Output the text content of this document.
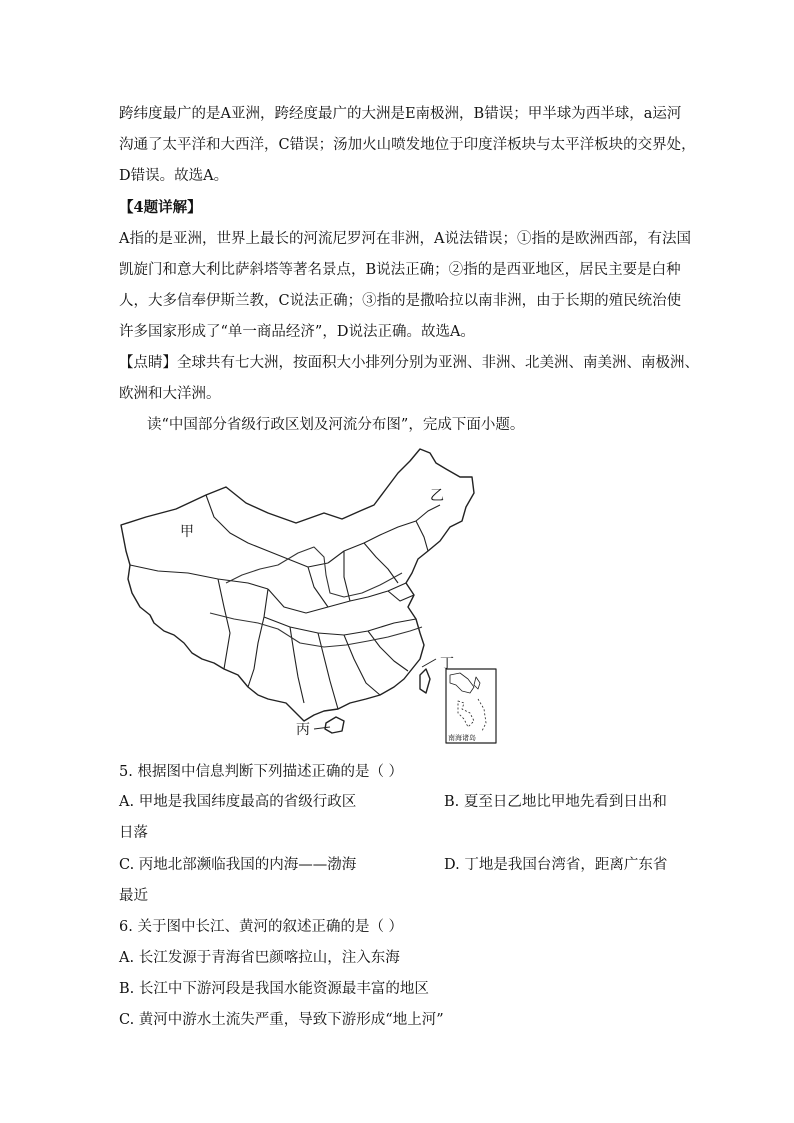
跨纬度最广的是A亚洲，跨经度最广的大洲是E南极洲，B错误；甲半球为西半球，a运河
沟通了太平洋和大西洋，C错误；汤加火山喷发地位于印度洋板块与太平洋板块的交界处，
D错误。故选A。
【4题详解】
A指的是亚洲，世界上最长的河流尼罗河在非洲，A说法错误；①指的是欧洲西部，有法国
凯旋门和意大利比萨斜塔等著名景点，B说法正确；②指的是西亚地区，居民主要是白种
人，大多信奉伊斯兰教，C说法正确；③指的是撒哈拉以南非洲，由于长期的殖民统治使
许多国家形成了“单一商品经济”，D说法正确。故选A。
【点睛】全球共有七大洲，按面积大小排列分别为亚洲、非洲、北美洲、南美洲、南极洲、
欧洲和大洋洲。
读“中国部分省级行政区划及河流分布图”，完成下面小题。
甲
乙
丙
丁
南海诸岛
5. 根据图中信息判断下列描述正确的是（ ）
A. 甲地是我国纬度最高的省级行政区	B. 夏至日乙地比甲地先看到日出和
日落
C. 丙地北部濒临我国的内海——渤海	D. 丁地是我国台湾省，距离广东省
最近
6. 关于图中长江、黄河的叙述正确的是（ ）
A. 长江发源于青海省巴颜喀拉山，注入东海
B. 长江中下游河段是我国水能资源最丰富的地区
C. 黄河中游水土流失严重，导致下游形成“地上河”
